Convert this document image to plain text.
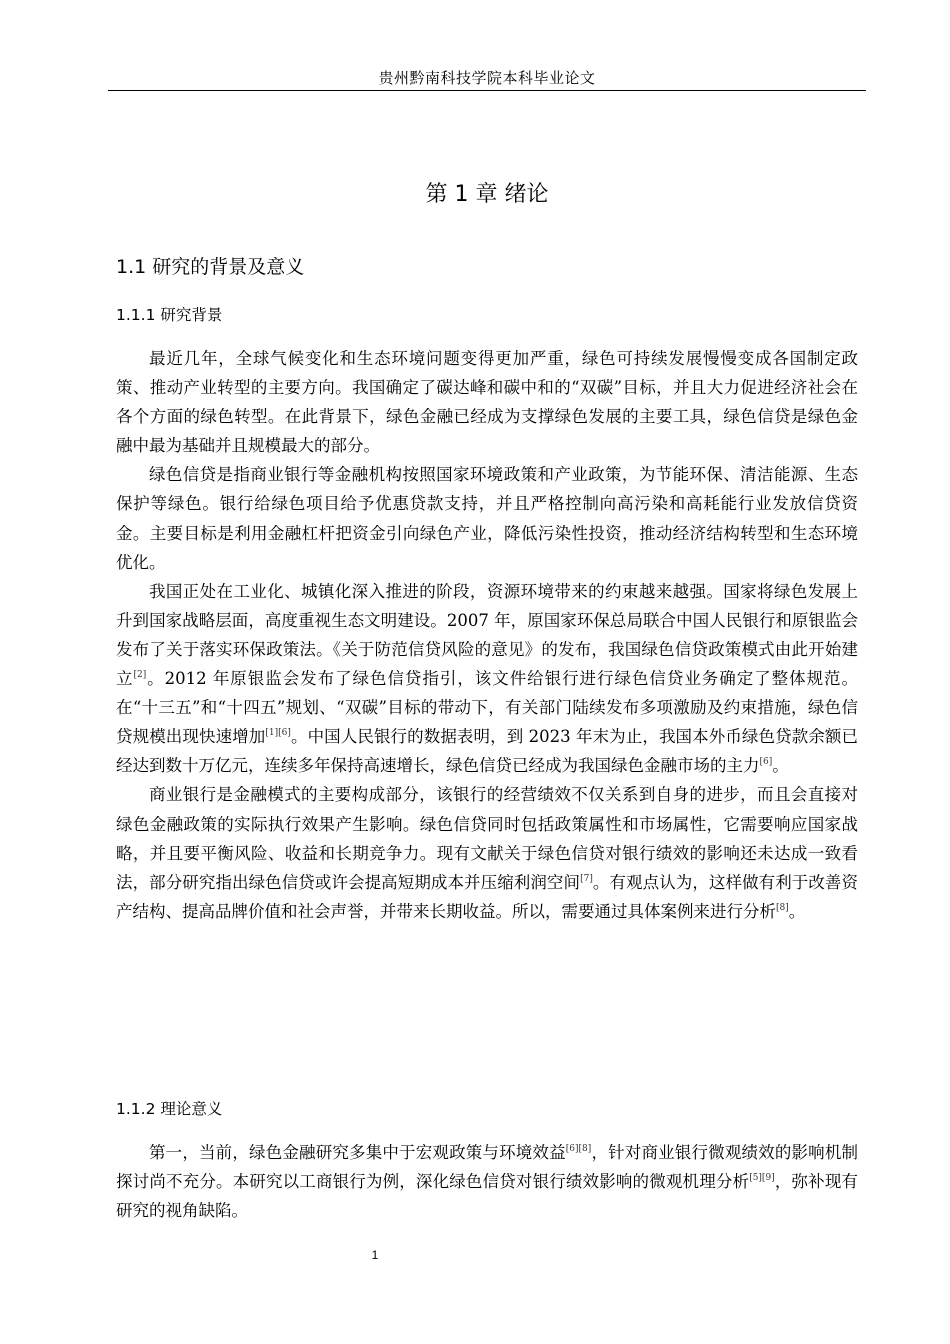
贵州黔南科技学院本科毕业论文
第 1 章 绪论
1.1 研究的背景及意义
1.1.1 研究背景

最近几年，全球气候变化和生态环境问题变得更加严重，绿色可持续发展慢慢变成各国制定政策、推动产业转型的主要方向。我国确定了碳达峰和碳中和的“双碳”目标，并且大力促进经济社会在各个方面的绿色转型。在此背景下，绿色金融已经成为支撑绿色发展的主要工具，绿色信贷是绿色金融中最为基础并且规模最大的部分。

绿色信贷是指商业银行等金融机构按照国家环境政策和产业政策，为节能环保、清洁能源、生态保护等绿色。银行给绿色项目给予优惠贷款支持，并且严格控制向高污染和高耗能行业发放信贷资金。主要目标是利用金融杠杆把资金引向绿色产业，降低污染性投资，推动经济结构转型和生态环境优化。

我国正处在工业化、城镇化深入推进的阶段，资源环境带来的约束越来越强。国家将绿色发展上升到国家战略层面，高度重视生态文明建设。2007 年，原国家环保总局联合中国人民银行和原银监会发布了关于落实环保政策法。《关于防范信贷风险的意见》的发布，我国绿色信贷政策模式由此开始建立[2]。2012 年原银监会发布了绿色信贷指引，该文件给银行进行绿色信贷业务确定了整体规范。在“十三五”和“十四五”规划、“双碳”目标的带动下，有关部门陆续发布多项激励及约束措施，绿色信贷规模出现快速增加[1][6]。中国人民银行的数据表明，到 2023 年末为止，我国本外币绿色贷款余额已经达到数十万亿元，连续多年保持高速增长，绿色信贷已经成为我国绿色金融市场的主力[6]。

商业银行是金融模式的主要构成部分，该银行的经营绩效不仅关系到自身的进步，而且会直接对绿色金融政策的实际执行效果产生影响。绿色信贷同时包括政策属性和市场属性，它需要响应国家战略，并且要平衡风险、收益和长期竞争力。现有文献关于绿色信贷对银行绩效的影响还未达成一致看法，部分研究指出绿色信贷或许会提高短期成本并压缩利润空间[7]。有观点认为，这样做有利于改善资产结构、提高品牌价值和社会声誉，并带来长期收益。所以，需要通过具体案例来进行分析[8]。

1.1.2 理论意义

第一，当前，绿色金融研究多集中于宏观政策与环境效益[6][8]，针对商业银行微观绩效的影响机制探讨尚不充分。本研究以工商银行为例，深化绿色信贷对银行绩效影响的微观机理分析[5][9]，弥补现有研究的视角缺陷。

1
